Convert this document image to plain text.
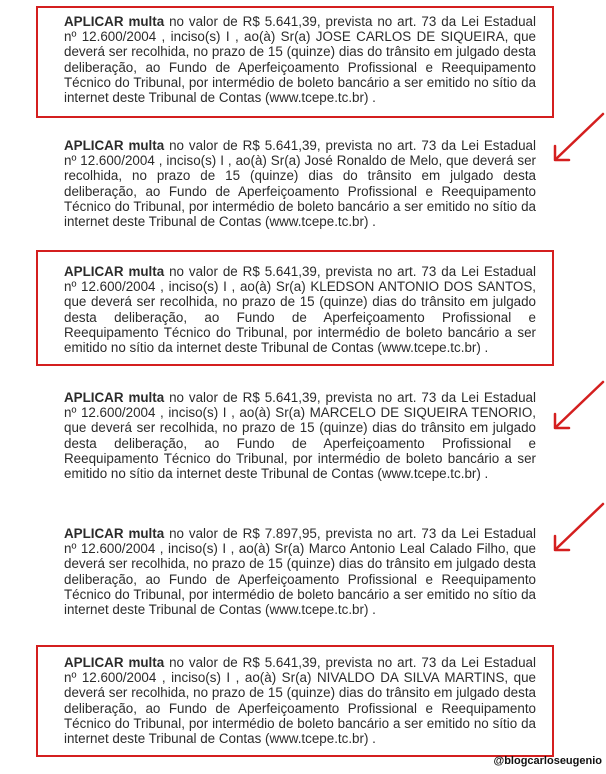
APLICAR multa no valor de R$ 5.641,39, prevista no art. 73 da Lei Estadual nº 12.600/2004 , inciso(s) I , ao(à) Sr(a) JOSE CARLOS DE SIQUEIRA, que deverá ser recolhida, no prazo de 15 (quinze) dias do trânsito em julgado desta deliberação, ao Fundo de Aperfeiçoamento Profissional e Reequipamento Técnico do Tribunal, por intermédio de boleto bancário a ser emitido no sítio da internet deste Tribunal de Contas (www.tcepe.tc.br) .

APLICAR multa no valor de R$ 5.641,39, prevista no art. 73 da Lei Estadual nº 12.600/2004 , inciso(s) I , ao(à) Sr(a) José Ronaldo de Melo, que deverá ser recolhida, no prazo de 15 (quinze) dias do trânsito em julgado desta deliberação, ao Fundo de Aperfeiçoamento Profissional e Reequipamento Técnico do Tribunal, por intermédio de boleto bancário a ser emitido no sítio da internet deste Tribunal de Contas (www.tcepe.tc.br) .

APLICAR multa no valor de R$ 5.641,39, prevista no art. 73 da Lei Estadual nº 12.600/2004 , inciso(s) I , ao(à) Sr(a) KLEDSON ANTONIO DOS SANTOS, que deverá ser recolhida, no prazo de 15 (quinze) dias do trânsito em julgado desta deliberação, ao Fundo de Aperfeiçoamento Profissional e Reequipamento Técnico do Tribunal, por intermédio de boleto bancário a ser emitido no sítio da internet deste Tribunal de Contas (www.tcepe.tc.br) .

APLICAR multa no valor de R$ 5.641,39, prevista no art. 73 da Lei Estadual nº 12.600/2004 , inciso(s) I , ao(à) Sr(a) MARCELO DE SIQUEIRA TENORIO, que deverá ser recolhida, no prazo de 15 (quinze) dias do trânsito em julgado desta deliberação, ao Fundo de Aperfeiçoamento Profissional e Reequipamento Técnico do Tribunal, por intermédio de boleto bancário a ser emitido no sítio da internet deste Tribunal de Contas (www.tcepe.tc.br) .

APLICAR multa no valor de R$ 7.897,95, prevista no art. 73 da Lei Estadual nº 12.600/2004 , inciso(s) I , ao(à) Sr(a) Marco Antonio Leal Calado Filho, que deverá ser recolhida, no prazo de 15 (quinze) dias do trânsito em julgado desta deliberação, ao Fundo de Aperfeiçoamento Profissional e Reequipamento Técnico do Tribunal, por intermédio de boleto bancário a ser emitido no sítio da internet deste Tribunal de Contas (www.tcepe.tc.br) .

APLICAR multa no valor de R$ 5.641,39, prevista no art. 73 da Lei Estadual nº 12.600/2004 , inciso(s) I , ao(à) Sr(a) NIVALDO DA SILVA MARTINS, que deverá ser recolhida, no prazo de 15 (quinze) dias do trânsito em julgado desta deliberação, ao Fundo de Aperfeiçoamento Profissional e Reequipamento Técnico do Tribunal, por intermédio de boleto bancário a ser emitido no sítio da internet deste Tribunal de Contas (www.tcepe.tc.br) .

@blogcarloseugenio
